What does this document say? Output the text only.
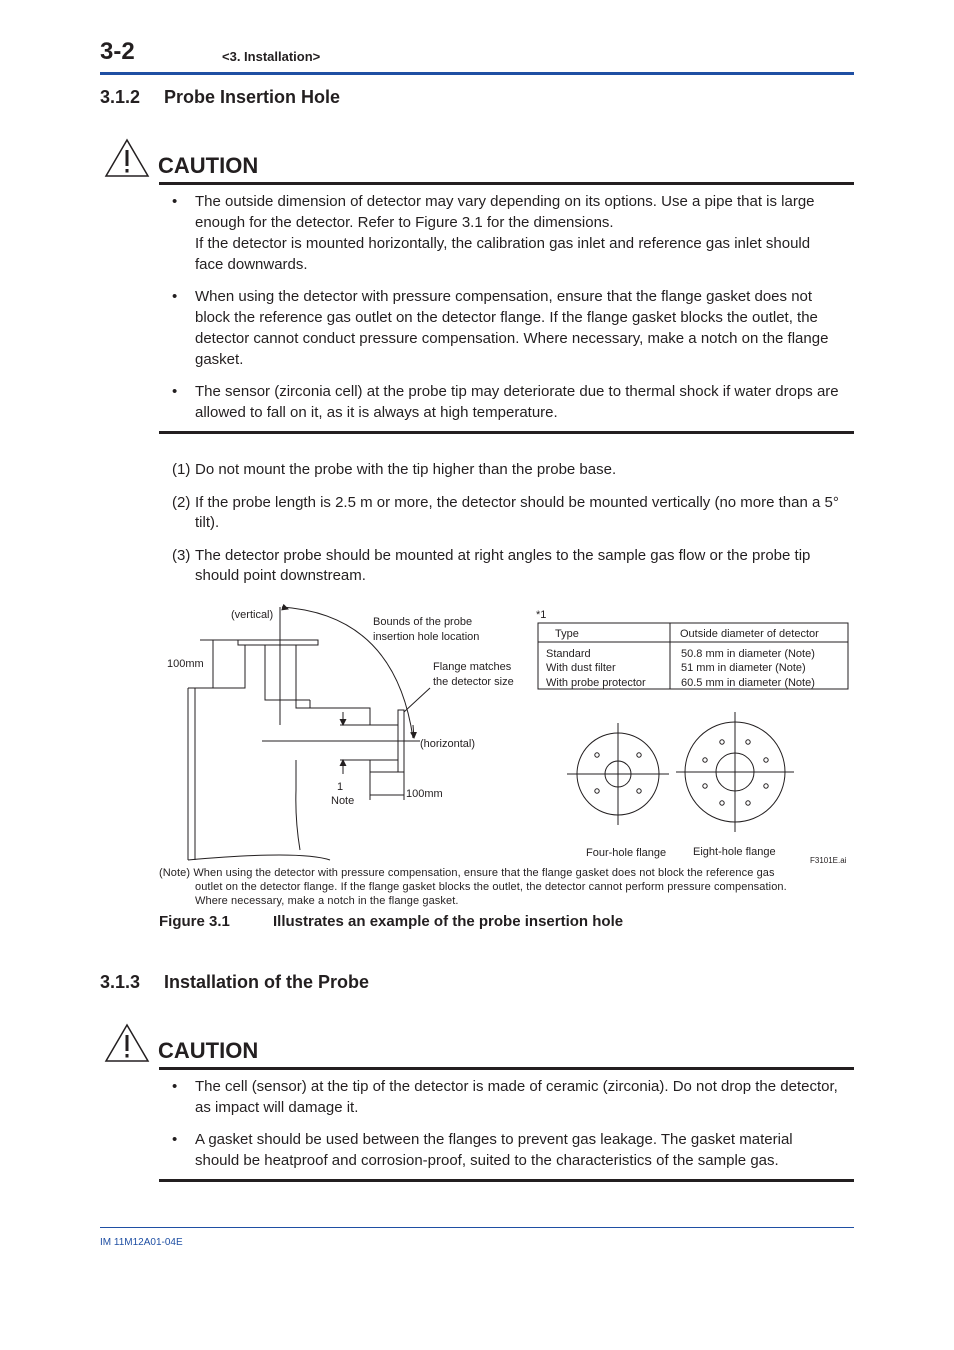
3-2	<3. Installation>
3.1.2 Probe Insertion Hole
CAUTION
• The outside dimension of detector may vary depending on its options. Use a pipe that is large
enough for the detector. Refer to Figure 3.1 for the dimensions.
If the detector is mounted horizontally, the calibration gas inlet and reference gas inlet should
face downwards.
• When using the detector with pressure compensation, ensure that the flange gasket does not
block the reference gas outlet on the detector flange. If the flange gasket blocks the outlet, the
detector cannot conduct pressure compensation. Where necessary, make a notch on the flange
gasket.
• The sensor (zirconia cell) at the probe tip may deteriorate due to thermal shock if water drops are
allowed to fall on it, as it is always at high temperature.
(1) Do not mount the probe with the tip higher than the probe base.
(2) If the probe length is 2.5 m or more, the detector should be mounted vertically (no more than a 5°
tilt).
(3) The detector probe should be mounted at right angles to the sample gas flow or the probe tip
should point downstream.
(vertical)
Bounds of the probe
insertion hole location
Flange matches
the detector size
(horizontal)
100mm
100mm
1
Note
*1
Type	Outside diameter of detector
Standard	50.8 mm in diameter (Note)
With dust filter	51 mm in diameter (Note)
With probe protector	60.5 mm in diameter (Note)
Four-hole flange Eight-hole flange
F3101E.ai
(Note) When using the detector with pressure compensation, ensure that the flange gasket does not block the reference gas
outlet on the detector flange. If the flange gasket blocks the outlet, the detector cannot perform pressure compensation.
Where necessary, make a notch in the flange gasket.
Figure 3.1	Illustrates an example of the probe insertion hole
3.1.3 Installation of the Probe
CAUTION
• The cell (sensor) at the tip of the detector is made of ceramic (zirconia). Do not drop the detector,
as impact will damage it.
• A gasket should be used between the flanges to prevent gas leakage. The gasket material
should be heatproof and corrosion-proof, suited to the characteristics of the sample gas.
IM 11M12A01-04E
